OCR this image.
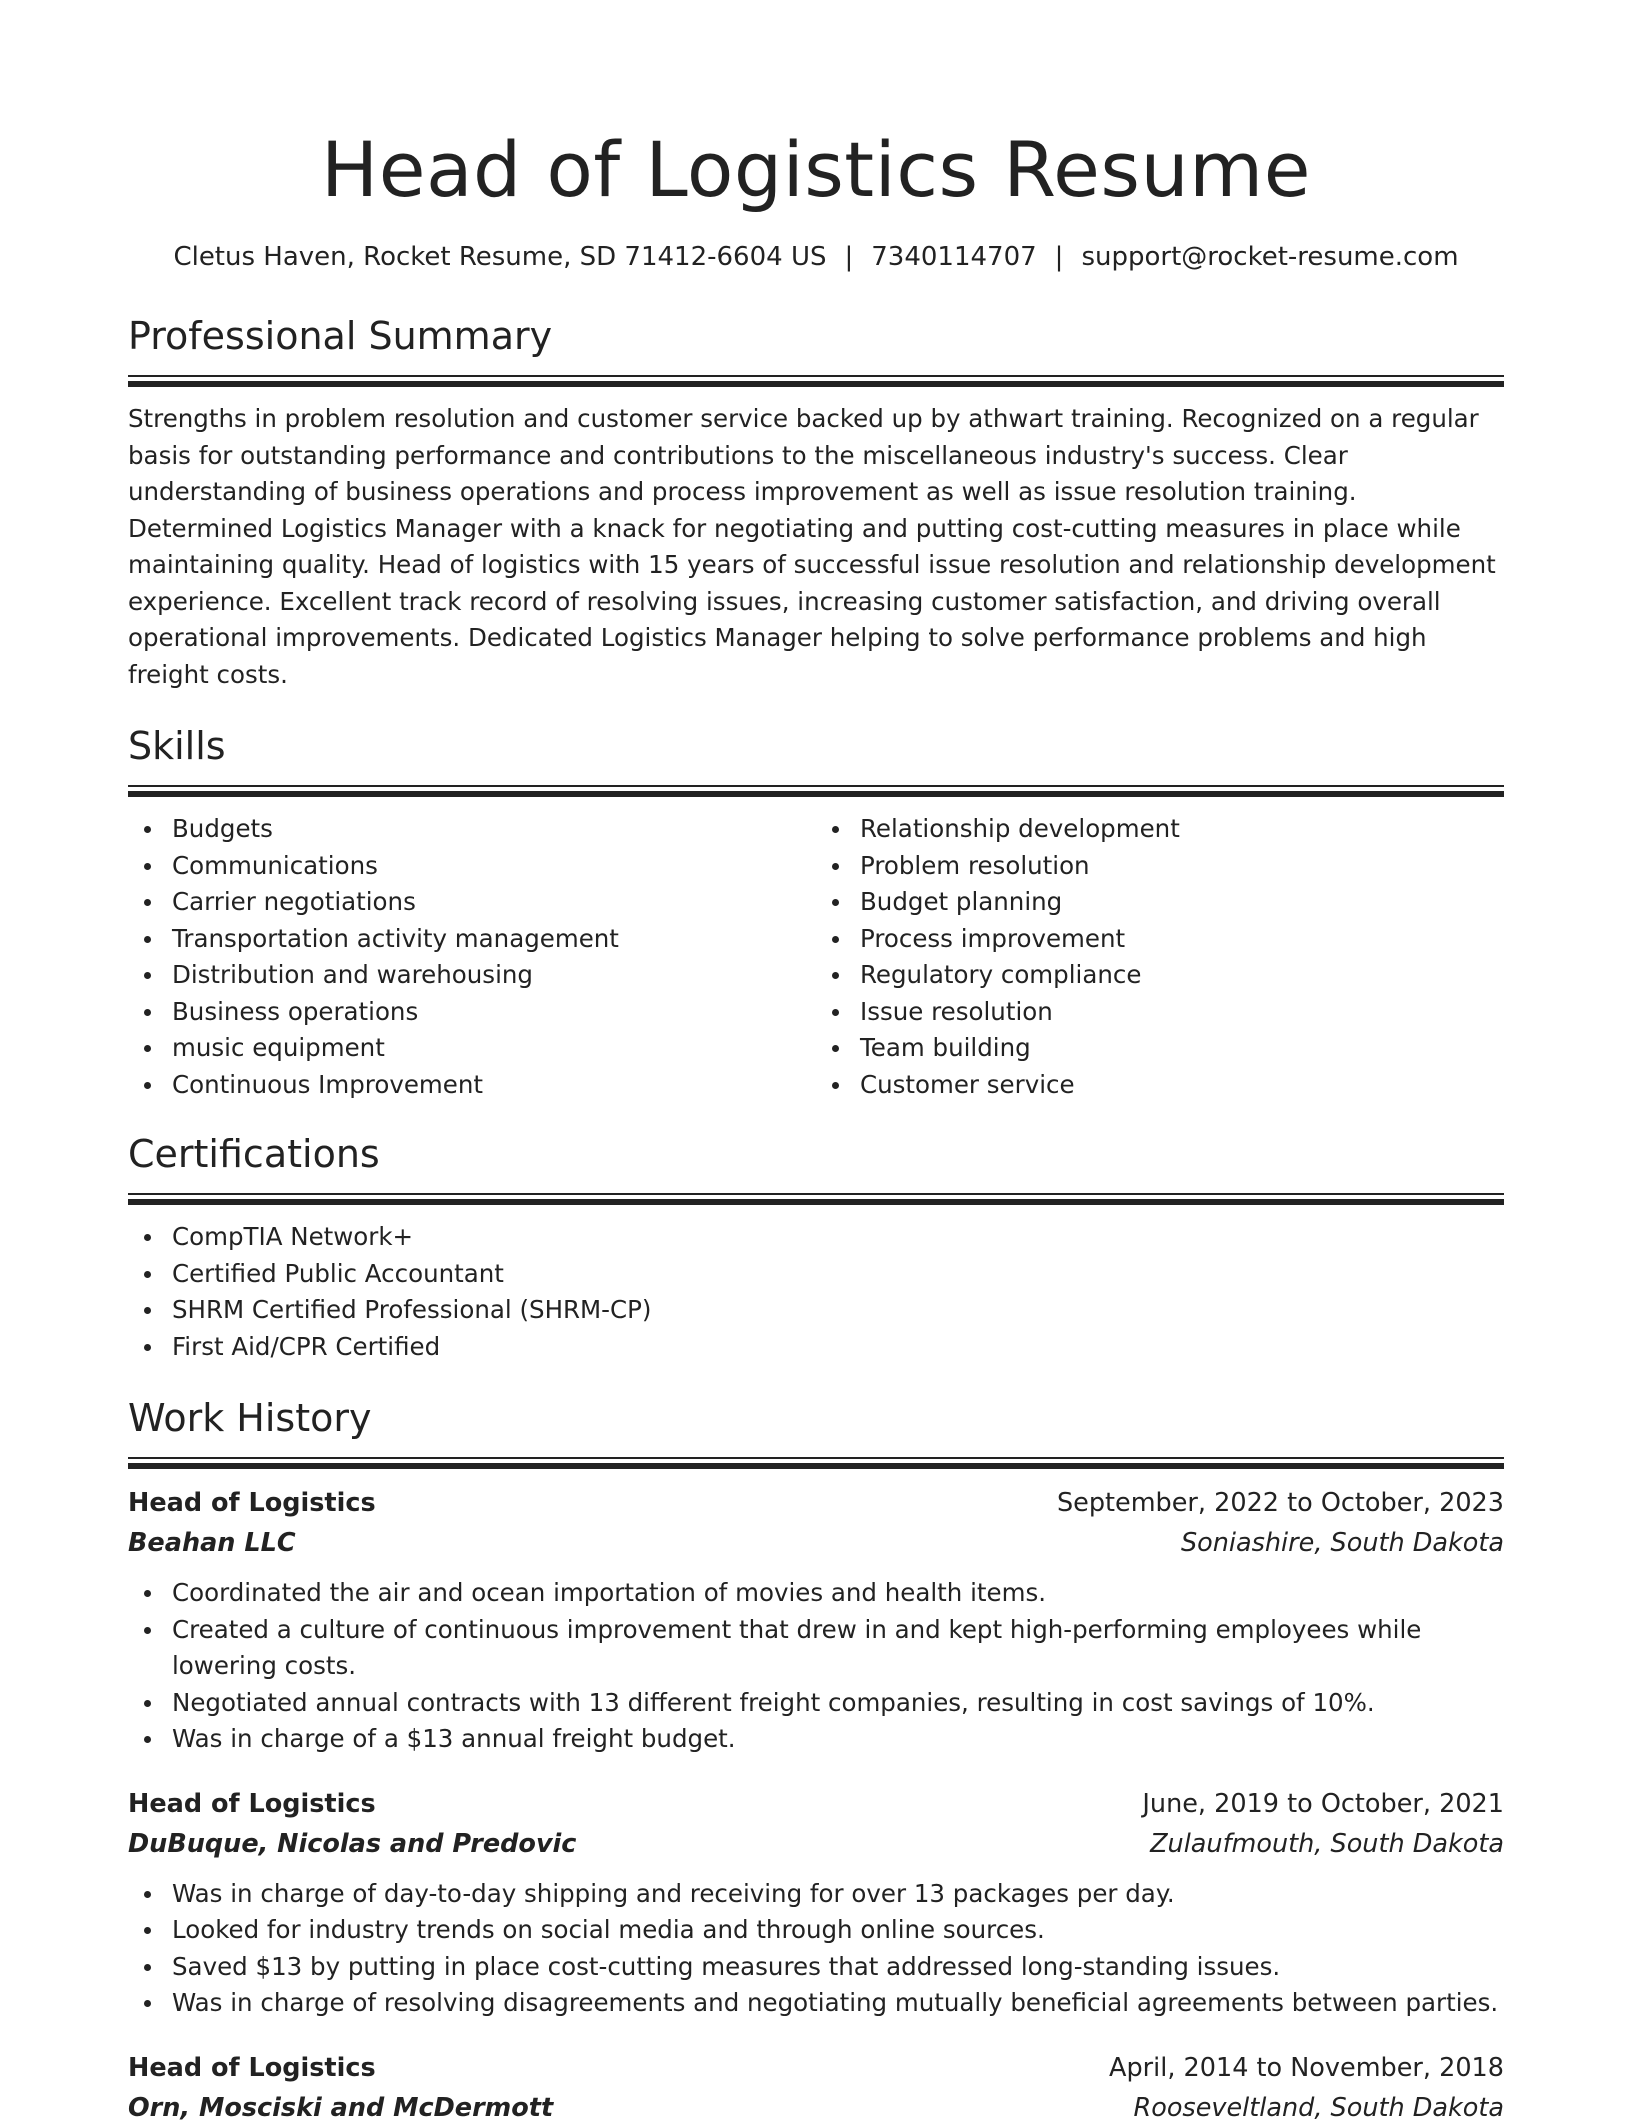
Head of Logistics Resume
Cletus Haven, Rocket Resume, SD 71412-6604 US | 7340114707 | support@rocket-resume.com
Professional Summary

Strengths in problem resolution and customer service backed up by athwart training. Recognized on a regular basis for outstanding performance and contributions to the miscellaneous industry's success. Clear understanding of business operations and process improvement as well as issue resolution training. Determined Logistics Manager with a knack for negotiating and putting cost-cutting measures in place while maintaining quality. Head of logistics with 15 years of successful issue resolution and relationship development experience. Excellent track record of resolving issues, increasing customer satisfaction, and driving overall operational improvements. Dedicated Logistics Manager helping to solve performance problems and high freight costs.

Skills
Budgets
Communications
Carrier negotiations
Transportation activity management
Distribution and warehousing
Business operations
music equipment
Continuous Improvement
Relationship development
Problem resolution
Budget planning
Process improvement
Regulatory compliance
Issue resolution
Team building
Customer service
Certifications
CompTIA Network+
Certified Public Accountant
SHRM Certified Professional (SHRM-CP)
First Aid/CPR Certified
Work History
Head of Logistics	September, 2022 to October, 2023
Beahan LLC	Soniashire, South Dakota
Coordinated the air and ocean importation of movies and health items.
Created a culture of continuous improvement that drew in and kept high-performing employees while lowering costs.
Negotiated annual contracts with 13 different freight companies, resulting in cost savings of 10%.
Was in charge of a $13 annual freight budget.
Head of Logistics	June, 2019 to October, 2021
DuBuque, Nicolas and Predovic	Zulaufmouth, South Dakota
Was in charge of day-to-day shipping and receiving for over 13 packages per day.
Looked for industry trends on social media and through online sources.
Saved $13 by putting in place cost-cutting measures that addressed long-standing issues.
Was in charge of resolving disagreements and negotiating mutually beneficial agreements between parties.
Head of Logistics	April, 2014 to November, 2018
Orn, Mosciski and McDermott	Rooseveltland, South Dakota
